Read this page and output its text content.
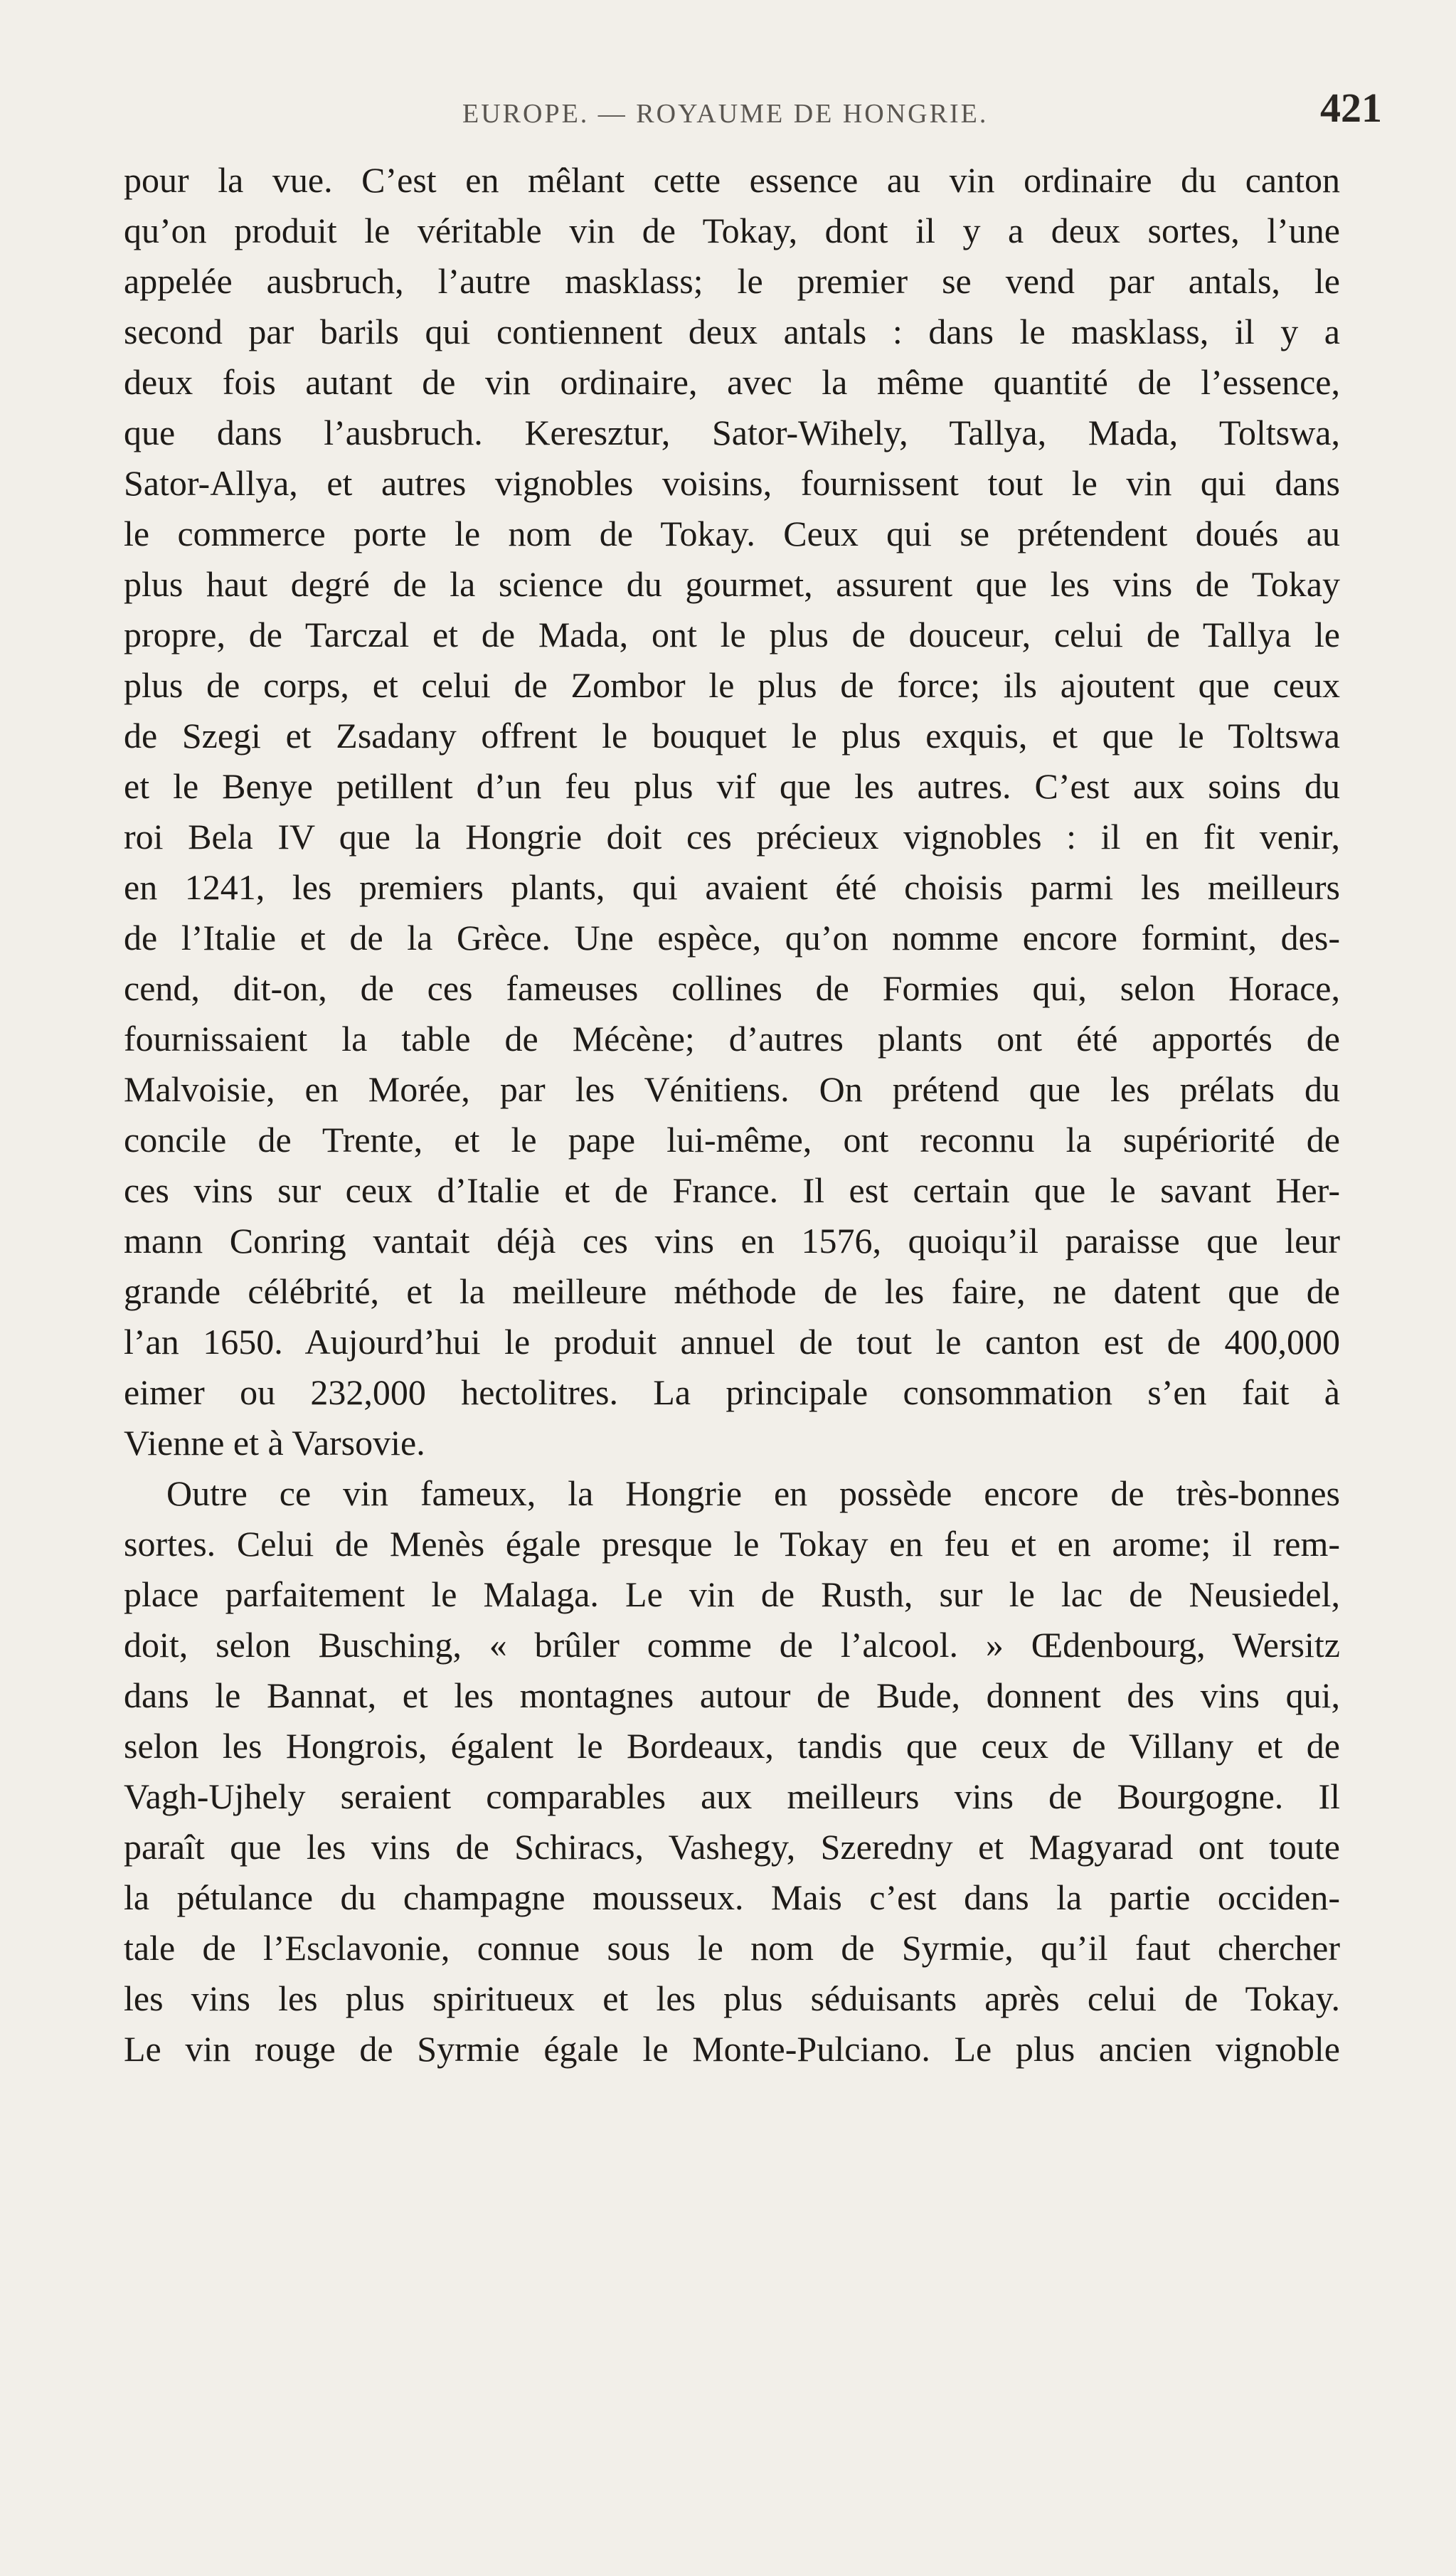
EUROPE. — ROYAUME DE HONGRIE.	421
pour la vue. C’est en mêlant cette essence au vin ordinaire du canton
qu’on produit le véritable vin de Tokay, dont il y a deux sortes, l’une
appelée ausbruch, l’autre masklass; le premier se vend par antals, le
second par barils qui contiennent deux antals : dans le masklass, il y a
deux fois autant de vin ordinaire, avec la même quantité de l’essence,
que dans l’ausbruch. Keresztur, Sator-Wihely, Tallya, Mada, Toltswa,
Sator-Allya, et autres vignobles voisins, fournissent tout le vin qui dans
le commerce porte le nom de Tokay. Ceux qui se prétendent doués au
plus haut degré de la science du gourmet, assurent que les vins de Tokay
propre, de Tarczal et de Mada, ont le plus de douceur, celui de Tallya le
plus de corps, et celui de Zombor le plus de force; ils ajoutent que ceux
de Szegi et Zsadany offrent le bouquet le plus exquis, et que le Toltswa
et le Benye petillent d’un feu plus vif que les autres. C’est aux soins du
roi Bela IV que la Hongrie doit ces précieux vignobles : il en fit venir,
en 1241, les premiers plants, qui avaient été choisis parmi les meilleurs
de l’Italie et de la Grèce. Une espèce, qu’on nomme encore formint, des-
cend, dit-on, de ces fameuses collines de Formies qui, selon Horace,
fournissaient la table de Mécène; d’autres plants ont été apportés de
Malvoisie, en Morée, par les Vénitiens. On prétend que les prélats du
concile de Trente, et le pape lui-même, ont reconnu la supériorité de
ces vins sur ceux d’Italie et de France. Il est certain que le savant Her-
mann Conring vantait déjà ces vins en 1576, quoiqu’il paraisse que leur
grande célébrité, et la meilleure méthode de les faire, ne datent que de
l’an 1650. Aujourd’hui le produit annuel de tout le canton est de 400,000
eimer ou 232,000 hectolitres. La principale consommation s’en fait à
Vienne et à Varsovie.
Outre ce vin fameux, la Hongrie en possède encore de très-bonnes
sortes. Celui de Menès égale presque le Tokay en feu et en arome; il rem-
place parfaitement le Malaga. Le vin de Rusth, sur le lac de Neusiedel,
doit, selon Busching, « brûler comme de l’alcool. » Œdenbourg, Wersitz
dans le Bannat, et les montagnes autour de Bude, donnent des vins qui,
selon les Hongrois, égalent le Bordeaux, tandis que ceux de Villany et de
Vagh-Ujhely seraient comparables aux meilleurs vins de Bourgogne. Il
paraît que les vins de Schiracs, Vashegy, Szeredny et Magyarad ont toute
la pétulance du champagne mousseux. Mais c’est dans la partie occiden-
tale de l’Esclavonie, connue sous le nom de Syrmie, qu’il faut chercher
les vins les plus spiritueux et les plus séduisants après celui de Tokay.
Le vin rouge de Syrmie égale le Monte-Pulciano. Le plus ancien vignoble
